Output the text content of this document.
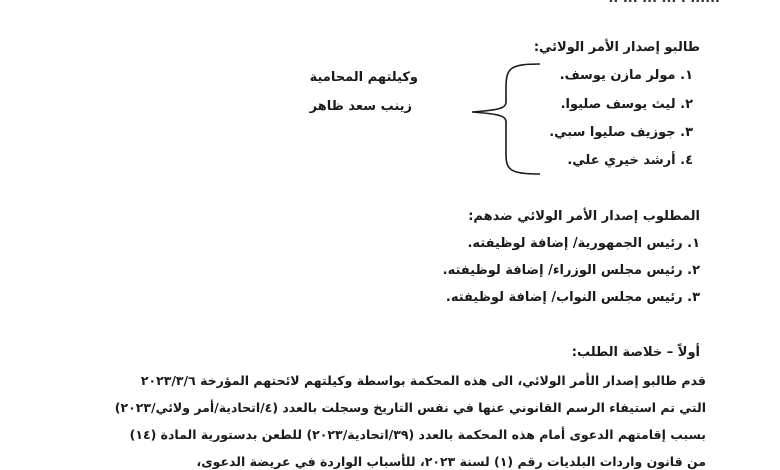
طالبو إصدار الأمر الولائي:
١. مولر مازن يوسف.
٢. ليث يوسف صليوا.
٣. جوزيف صليوا سبي.
٤. أرشد خيري علي.
وكيلتهم المحامية
زينب سعد ظاهر
المطلوب إصدار الأمر الولائي ضدهم:
١. رئيس الجمهورية/ إضافة لوظيفته.
٢. رئيس مجلس الوزراء/ إضافة لوظيفته.
٣. رئيس مجلس النواب/ إضافة لوظيفته.
أولاً – خلاصة الطلب:
قدم طالبو إصدار الأمر الولائي، الى هذه المحكمة بواسطة وكيلتهم لائحتهم المؤرخة ٢٠٢٣/٣/٦
التي تم استيفاء الرسم القانوني عنها في نفس التاريخ وسجلت بالعدد (٤/اتحادية/أمر ولائي/٢٠٢٣)
بسبب إقامتهم الدعوى أمام هذه المحكمة بالعدد (٣٩/اتحادية/٢٠٢٣) للطعن بدستورية المادة (١٤)
من قانون واردات البلديات رقم (١) لسنة ٢٠٢٣، للأسباب الواردة في عريضة الدعوى،
